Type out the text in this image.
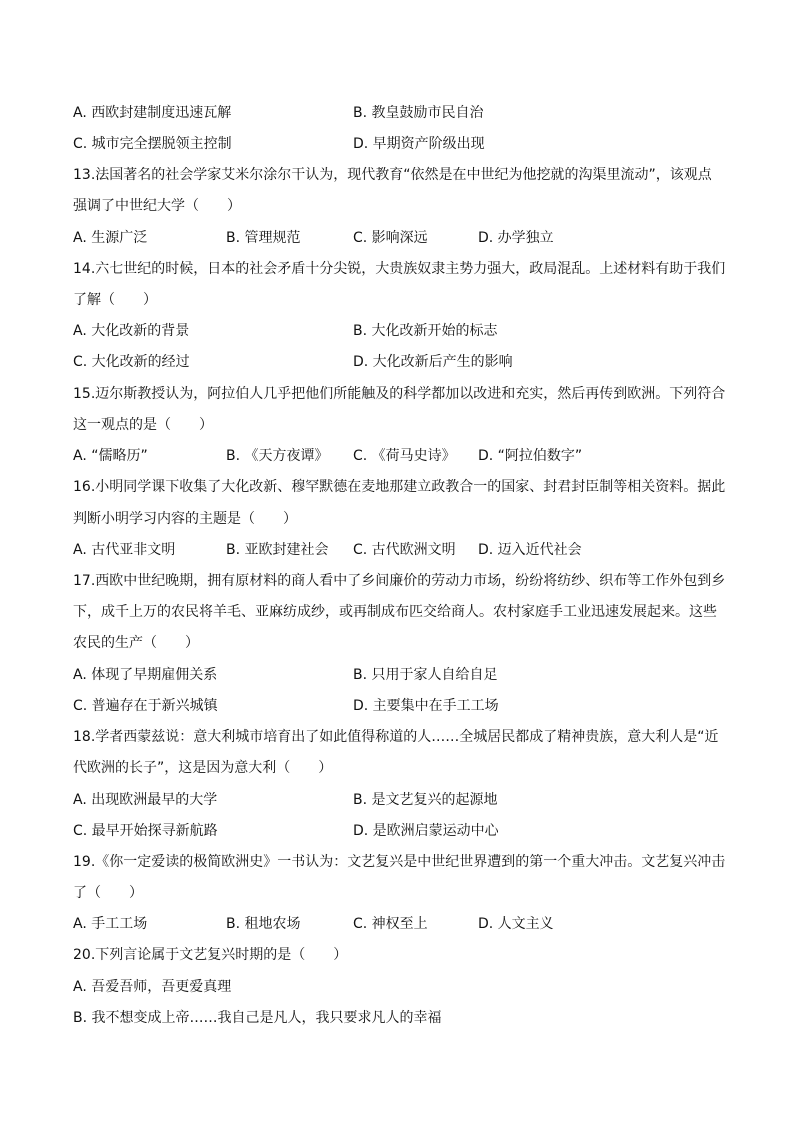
A. 西欧封建制度迅速瓦解	B. 教皇鼓励市民自治
C. 城市完全摆脱领主控制	D. 早期资产阶级出现
13.法国著名的社会学家艾米尔涂尔干认为，现代教育“依然是在中世纪为他挖就的沟渠里流动”，该观点
强调了中世纪大学（　　）
A. 生源广泛	B. 管理规范	C. 影响深远	D. 办学独立
14.六七世纪的时候，日本的社会矛盾十分尖锐，大贵族奴隶主势力强大，政局混乱。上述材料有助于我们
了解（　　）
A. 大化改新的背景	B. 大化改新开始的标志
C. 大化改新的经过	D. 大化改新后产生的影响
15.迈尔斯教授认为，阿拉伯人几乎把他们所能触及的科学都加以改进和充实，然后再传到欧洲。下列符合
这一观点的是（　　）
A. “儒略历”	B. 《天方夜谭》 C. 《荷马史诗》 D. “阿拉伯数字”
16.小明同学课下收集了大化改新、穆罕默德在麦地那建立政教合一的国家、封君封臣制等相关资料。据此
判断小明学习内容的主题是（　　）
A. 古代亚非文明	B. 亚欧封建社会 C. 古代欧洲文明 D. 迈入近代社会
17.西欧中世纪晚期，拥有原材料的商人看中了乡间廉价的劳动力市场，纷纷将纺纱、织布等工作外包到乡
下，成千上万的农民将羊毛、亚麻纺成纱，或再制成布匹交给商人。农村家庭手工业迅速发展起来。这些
农民的生产（　　）
A. 体现了早期雇佣关系	B. 只用于家人自给自足
C. 普遍存在于新兴城镇	D. 主要集中在手工工场
18.学者西蒙兹说：意大利城市培育出了如此值得称道的人……全城居民都成了精神贵族，意大利人是“近
代欧洲的长子”，这是因为意大利（　　）
A. 出现欧洲最早的大学	B. 是文艺复兴的起源地
C. 最早开始探寻新航路	D. 是欧洲启蒙运动中心
19.《你一定爱读的极简欧洲史》一书认为：文艺复兴是中世纪世界遭到的第一个重大冲击。文艺复兴冲击
了（　　）
A. 手工工场	B. 租地农场	C. 神权至上	D. 人文主义
20.下列言论属于文艺复兴时期的是（　　）
A. 吾爱吾师，吾更爱真理
B. 我不想变成上帝……我自己是凡人，我只要求凡人的幸福
